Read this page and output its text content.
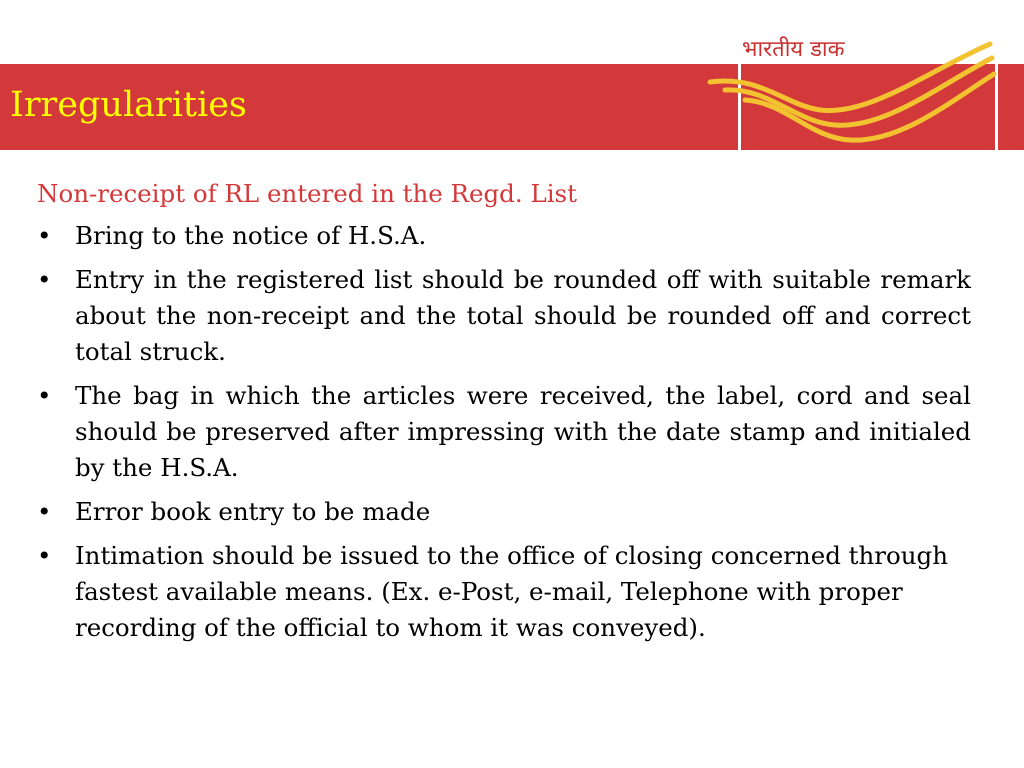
Irregularities
भारतीय डाक

Non-receipt of RL entered in the Regd. List

• Bring to the notice of H.S.A.
• Entry in the registered list should be rounded off with suitable remark about the non-receipt and the total should be rounded off and correct total struck.
• The bag in which the articles were received, the label, cord and seal should be preserved after impressing with the date stamp and initialed by the H.S.A.
• Error book entry to be made
• Intimation should be issued to the office of closing concerned through fastest available means. (Ex. e-Post, e-mail, Telephone with proper recording of the official to whom it was conveyed).
